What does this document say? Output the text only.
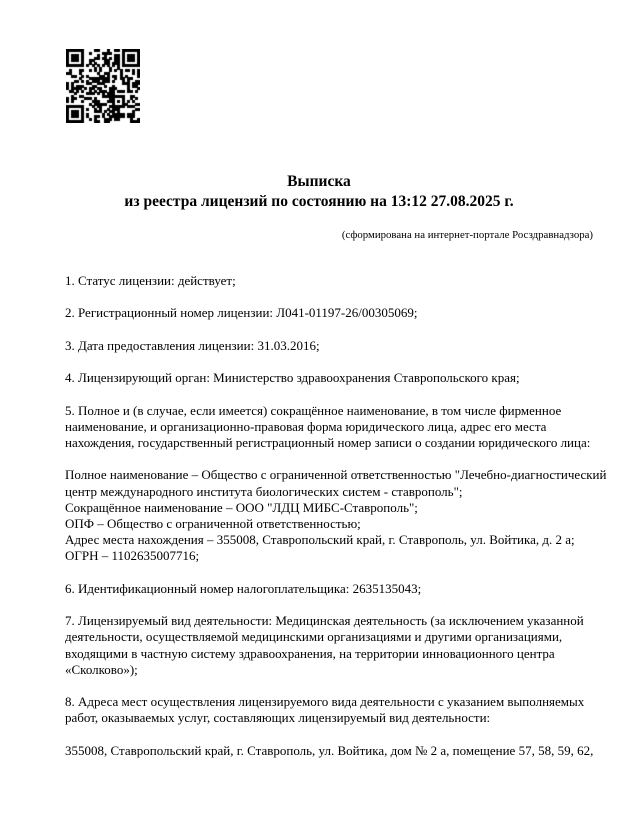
Выписка
из реестра лицензий по состоянию на 13:12 27.08.2025 г.
(сформирована на интернет-портале Росздравнадзора)
1. Статус лицензии: действует;
2. Регистрационный номер лицензии: Л041-01197-26/00305069;
3. Дата предоставления лицензии: 31.03.2016;
4. Лицензирующий орган: Министерство здравоохранения Ставропольского края;
5. Полное и (в случае, если имеется) сокращённое наименование, в том числе фирменное наименование, и организационно-правовая форма юридического лица, адрес его места нахождения, государственный регистрационный номер записи о создании юридического лица:
Полное наименование – Общество с ограниченной ответственностью "Лечебно-диагностический центр международного института биологических систем - ставрополь";
Сокращённое наименование – ООО "ЛДЦ МИБС-Ставрополь";
ОПФ – Общество с ограниченной ответственностью;
Адрес места нахождения – 355008, Ставропольский край, г. Ставрополь, ул. Войтика, д. 2 а;
ОГРН – 1102635007716;
6. Идентификационный номер налогоплательщика: 2635135043;
7. Лицензируемый вид деятельности: Медицинская деятельность (за исключением указанной деятельности, осуществляемой медицинскими организациями и другими организациями, входящими в частную систему здравоохранения, на территории инновационного центра «Сколково»);
8. Адреса мест осуществления лицензируемого вида деятельности с указанием выполняемых работ, оказываемых услуг, составляющих лицензируемый вид деятельности:
355008, Ставропольский край, г. Ставрополь, ул. Войтика, дом № 2 а, помещение 57, 58, 59, 62,
